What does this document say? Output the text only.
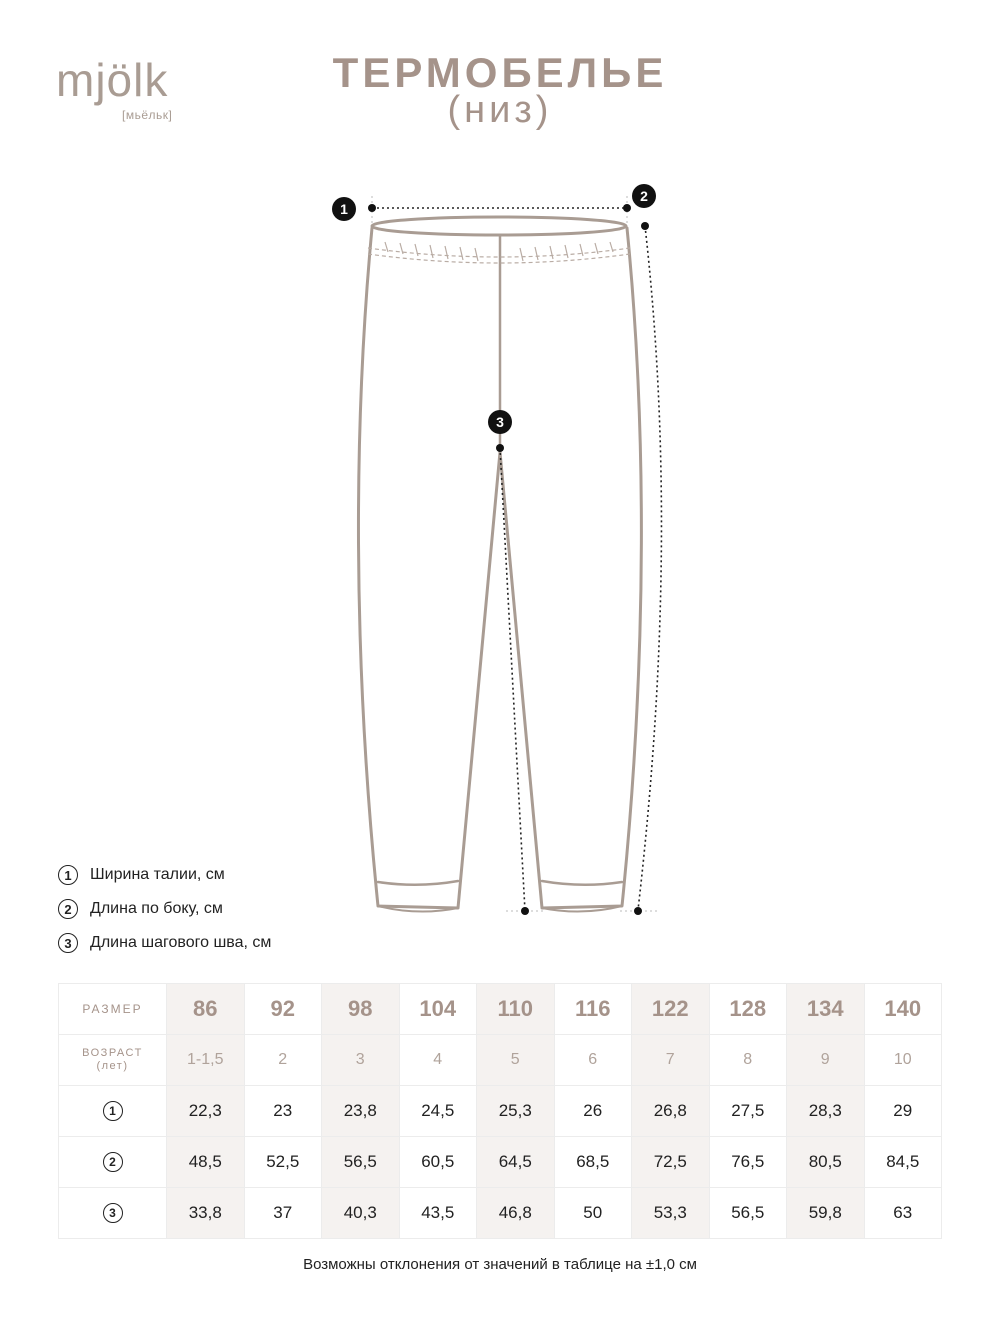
mjölk
[мьёльк]
ТЕРМОБЕЛЬЕ
(низ)
1
2
3
1	Ширина талии, см
2	Длина по боку, см
3	Длина шагового шва, см
РАЗМЕР	86	92	98	104	110	116	122	128	134	140

ВОЗРАСТ
(лет)	1-1,5	2	3	4	5	6	7	8	9	10
1	22,3	23	23,8	24,5	25,3	26	26,8	27,5	28,3	29
2	48,5	52,5	56,5	60,5	64,5	68,5	72,5	76,5	80,5	84,5
3	33,8	37	40,3	43,5	46,8	50	53,3	56,5	59,8	63
Возможны отклонения от значений в таблице на ±1,0 см
